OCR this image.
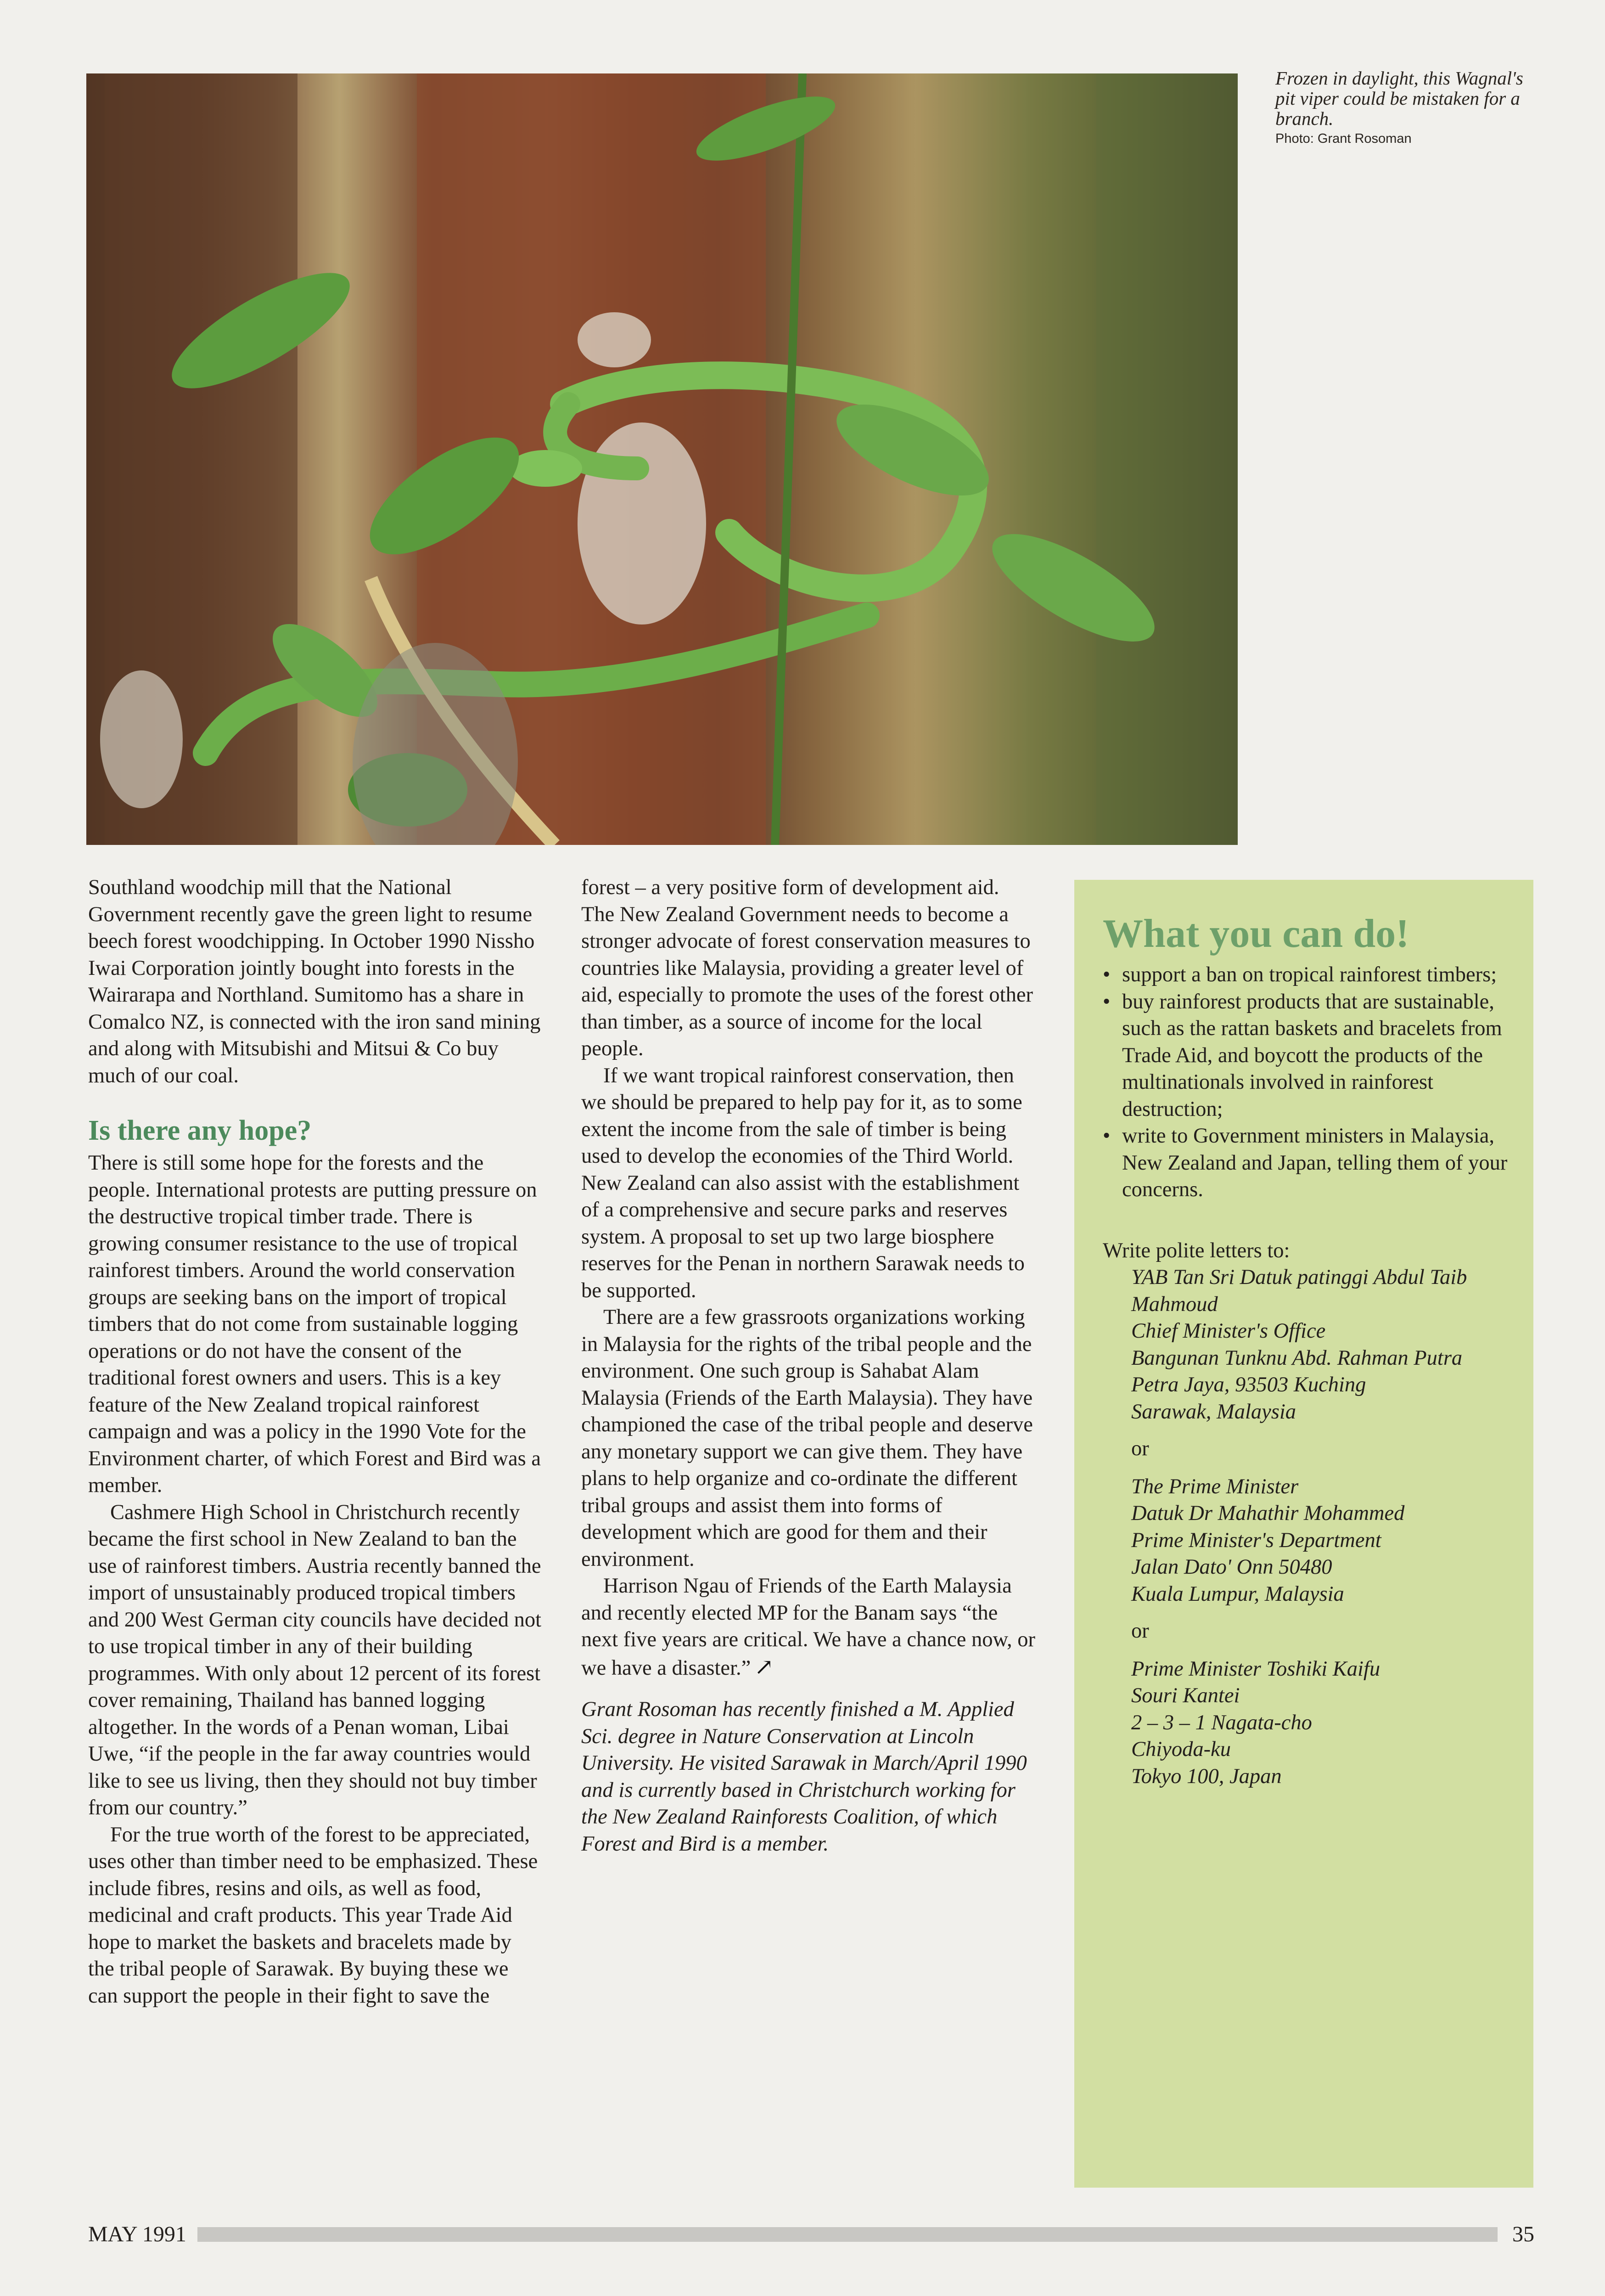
Frozen in daylight, this Wagnal's pit viper could be mistaken for a branch.
Photo: Grant Rosoman

Southland woodchip mill that the National Government recently gave the green light to resume beech forest woodchipping. In October 1990 Nissho Iwai Corporation jointly bought into forests in the Wairarapa and Northland. Sumitomo has a share in Comalco NZ, is connected with the iron sand mining and along with Mitsubishi and Mitsui & Co buy much of our coal.

Is there any hope?

There is still some hope for the forests and the people. International protests are putting pressure on the destructive tropical timber trade. There is growing consumer resistance to the use of tropical rainforest timbers. Around the world conservation groups are seeking bans on the import of tropical timbers that do not come from sustainable logging operations or do not have the consent of the traditional forest owners and users. This is a key feature of the New Zealand tropical rainforest campaign and was a policy in the 1990 Vote for the Environment charter, of which Forest and Bird was a member.

Cashmere High School in Christchurch recently became the first school in New Zealand to ban the use of rainforest timbers. Austria recently banned the import of unsustainably produced tropical timbers and 200 West German city councils have decided not to use tropical timber in any of their building programmes. With only about 12 percent of its forest cover remaining, Thailand has banned logging altogether. In the words of a Penan woman, Libai Uwe, “if the people in the far away countries would like to see us living, then they should not buy timber from our country.”

For the true worth of the forest to be appreciated, uses other than timber need to be emphasized. These include fibres, resins and oils, as well as food, medicinal and craft products. This year Trade Aid hope to market the baskets and bracelets made by the tribal people of Sarawak. By buying these we can support the people in their fight to save the

forest – a very positive form of development aid. The New Zealand Government needs to become a stronger advocate of forest conservation measures to countries like Malaysia, providing a greater level of aid, especially to promote the uses of the forest other than timber, as a source of income for the local people.

If we want tropical rainforest conservation, then we should be prepared to help pay for it, as to some extent the income from the sale of timber is being used to develop the economies of the Third World. New Zealand can also assist with the establishment of a comprehensive and secure parks and reserves system. A proposal to set up two large biosphere reserves for the Penan in northern Sarawak needs to be supported.

There are a few grassroots organizations working in Malaysia for the rights of the tribal people and the environment. One such group is Sahabat Alam Malaysia (Friends of the Earth Malaysia). They have championed the case of the tribal people and deserve any monetary support we can give them. They have plans to help organize and co-ordinate the different tribal groups and assist them into forms of development which are good for them and their environment.

Harrison Ngau of Friends of the Earth Malaysia and recently elected MP for the Banam says “the next five years are critical. We have a chance now, or we have a disaster.” ↗

Grant Rosoman has recently finished a M. Applied Sci. degree in Nature Conservation at Lincoln University. He visited Sarawak in March/April 1990 and is currently based in Christchurch working for the New Zealand Rainforests Coalition, of which Forest and Bird is a member.

What you can do!
• support a ban on tropical rainforest timbers;
• buy rainforest products that are sustainable, such as the rattan baskets and bracelets from Trade Aid, and boycott the products of the multinationals involved in rainforest destruction;
• write to Government ministers in Malaysia, New Zealand and Japan, telling them of your concerns.

Write polite letters to:

YAB Tan Sri Datuk patinggi Abdul Taib Mahmoud
Chief Minister's Office
Bangunan Tunknu Abd. Rahman Putra
Petra Jaya, 93503 Kuching
Sarawak, Malaysia
or
The Prime Minister
Datuk Dr Mahathir Mohammed
Prime Minister's Department
Jalan Dato' Onn 50480
Kuala Lumpur, Malaysia
or
Prime Minister Toshiki Kaifu
Souri Kantei
2 – 3 – 1 Nagata-cho
Chiyoda-ku
Tokyo 100, Japan
MAY 1991	35
